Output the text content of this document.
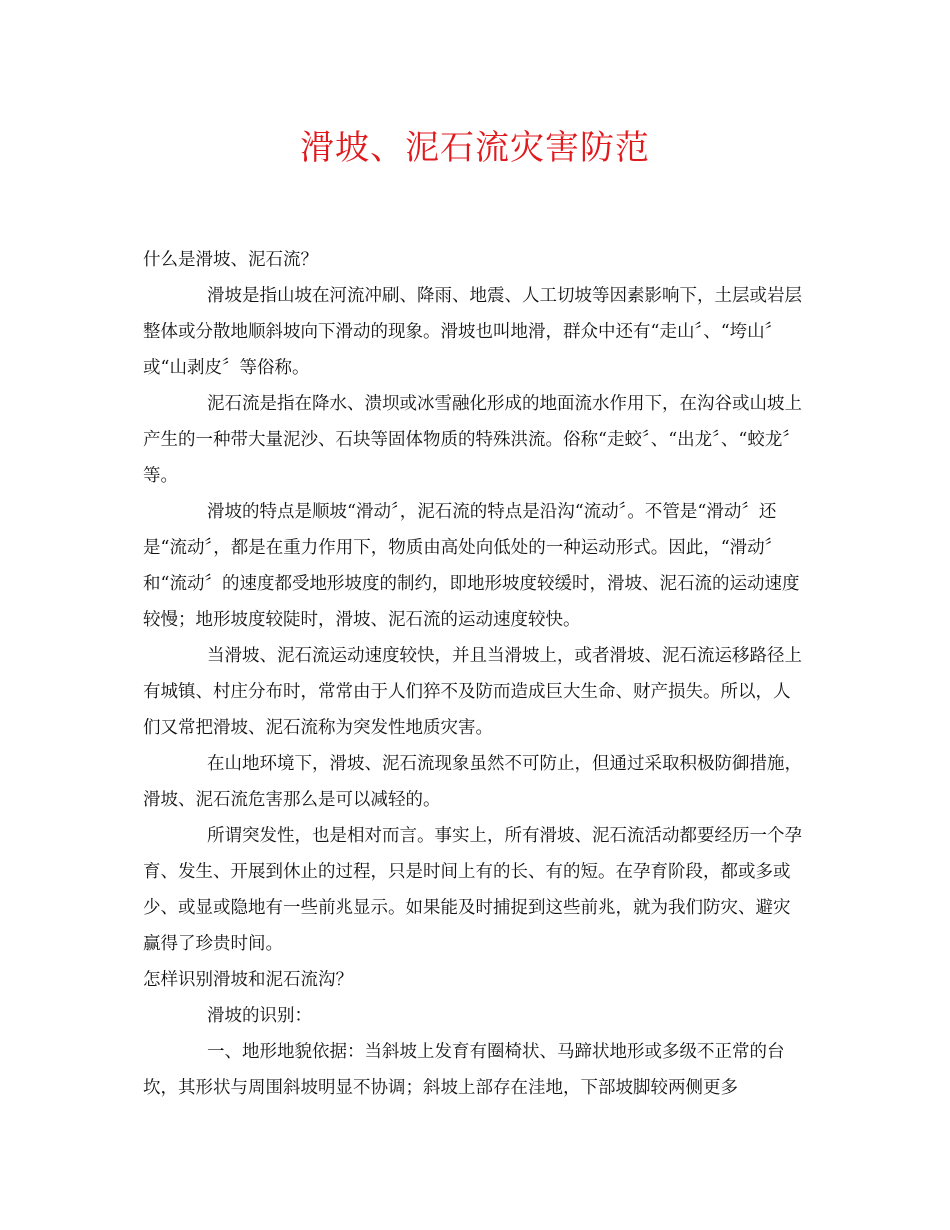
滑坡、泥石流灾害防范

什么是滑坡、泥石流？

滑坡是指山坡在河流冲刷、降雨、地震、人工切坡等因素影响下，土层或岩层整体或分散地顺斜坡向下滑动的现象。滑坡也叫地滑，群众中还有“走山〞、“垮山〞或“山剥皮〞等俗称。

泥石流是指在降水、溃坝或冰雪融化形成的地面流水作用下，在沟谷或山坡上产生的一种带大量泥沙、石块等固体物质的特殊洪流。俗称“走蛟〞、“出龙〞、“蛟龙〞等。

滑坡的特点是顺坡“滑动〞，泥石流的特点是沿沟“流动〞。不管是“滑动〞还是“流动〞，都是在重力作用下，物质由高处向低处的一种运动形式。因此，“滑动〞和“流动〞的速度都受地形坡度的制约，即地形坡度较缓时，滑坡、泥石流的运动速度较慢；地形坡度较陡时，滑坡、泥石流的运动速度较快。

当滑坡、泥石流运动速度较快，并且当滑坡上，或者滑坡、泥石流运移路径上有城镇、村庄分布时，常常由于人们猝不及防而造成巨大生命、财产损失。所以，人们又常把滑坡、泥石流称为突发性地质灾害。

在山地环境下，滑坡、泥石流现象虽然不可防止，但通过采取积极防御措施，滑坡、泥石流危害那么是可以减轻的。

所谓突发性，也是相对而言。事实上，所有滑坡、泥石流活动都要经历一个孕育、发生、开展到休止的过程，只是时间上有的长、有的短。在孕育阶段，都或多或少、或显或隐地有一些前兆显示。如果能及时捕捉到这些前兆，就为我们防灾、避灾赢得了珍贵时间。

怎样识别滑坡和泥石流沟？

滑坡的识别：

一、地形地貌依据：当斜坡上发育有圈椅状、马蹄状地形或多级不正常的台坎，其形状与周围斜坡明显不协调；斜坡上部存在洼地，下部坡脚较两侧更多
